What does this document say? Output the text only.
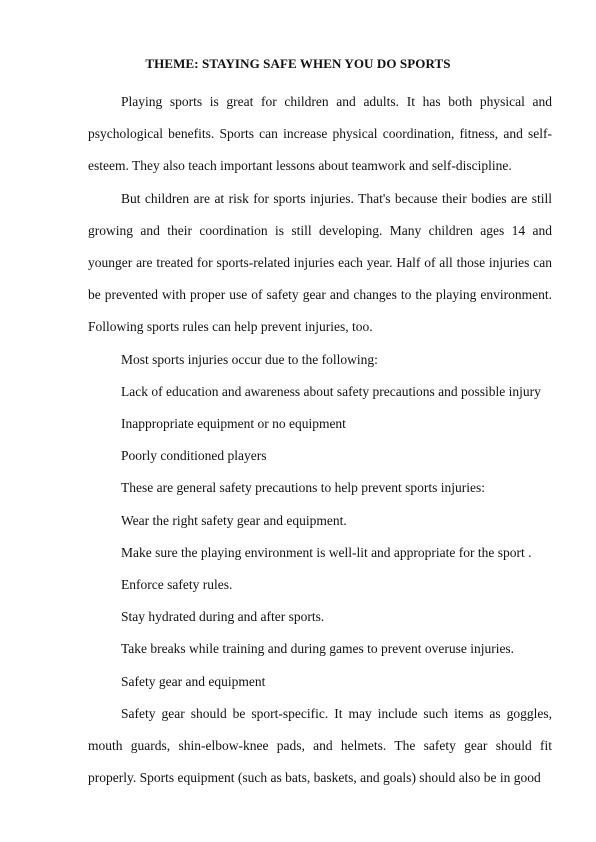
THEME: STAYING SAFE WHEN YOU DO SPORTS

Playing sports is great for children and adults. It has both physical and psychological benefits. Sports can increase physical coordination, fitness, and self-esteem. They also teach important lessons about teamwork and self-discipline.

But children are at risk for sports injuries. That's because their bodies are still growing and their coordination is still developing. Many children ages 14 and younger are treated for sports-related injuries each year. Half of all those injuries can be prevented with proper use of safety gear and changes to the playing environment. Following sports rules can help prevent injuries, too.

Most sports injuries occur due to the following:

Lack of education and awareness about safety precautions and possible injury

Inappropriate equipment or no equipment

Poorly conditioned players

These are general safety precautions to help prevent sports injuries:

Wear the right safety gear and equipment.

Make sure the playing environment is well-lit and appropriate for the sport .

Enforce safety rules.

Stay hydrated during and after sports.

Take breaks while training and during games to prevent overuse injuries.

Safety gear and equipment

Safety gear should be sport-specific. It may include such items as goggles, mouth guards, shin-elbow-knee pads, and helmets. The safety gear should fit properly. Sports equipment (such as bats, baskets, and goals) should also be in good
